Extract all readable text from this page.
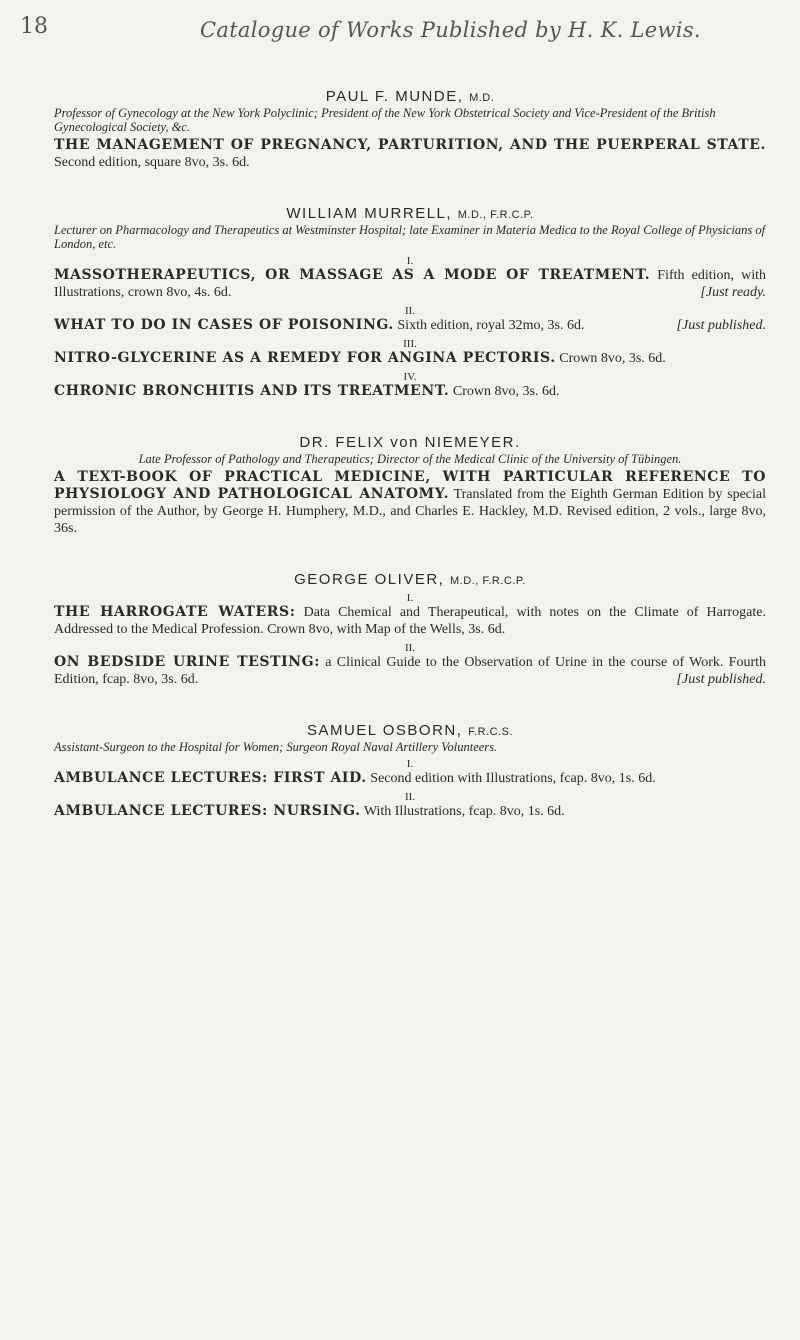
18	Catalogue of Works Published by H. K. Lewis.
PAUL F. MUNDE, M.D.
Professor of Gynecology at the New York Polyclinic; President of the New York Obstetrical Society and Vice-President of the British Gynecological Society, &c.
THE MANAGEMENT OF PREGNANCY, PARTURITION, AND THE PUERPERAL STATE. Second edition, square 8vo, 3s. 6d.
WILLIAM MURRELL, M.D., F.R.C.P.
Lecturer on Pharmacology and Therapeutics at Westminster Hospital; late Examiner in Materia Medica to the Royal College of Physicians of London, etc.
I.
MASSOTHERAPEUTICS, OR MASSAGE AS A MODE OF TREATMENT. Fifth edition, with Illustrations, crown 8vo, 4s. 6d.	[Just ready.
II.
WHAT TO DO IN CASES OF POISONING. Sixth edition, royal 32mo, 3s. 6d.	[Just published.
III.
NITRO-GLYCERINE AS A REMEDY FOR ANGINA PECTORIS. Crown 8vo, 3s. 6d.
IV.
CHRONIC BRONCHITIS AND ITS TREATMENT. Crown 8vo, 3s. 6d.
DR. FELIX von NIEMEYER.
Late Professor of Pathology and Therapeutics; Director of the Medical Clinic of the University of Tübingen.
A TEXT-BOOK OF PRACTICAL MEDICINE, WITH PARTICULAR REFERENCE TO PHYSIOLOGY AND PATHOLOGICAL ANATOMY. Translated from the Eighth German Edition by special permission of the Author, by George H. Humphery, M.D., and Charles E. Hackley, M.D. Revised edition, 2 vols., large 8vo, 36s.
GEORGE OLIVER, M.D., F.R.C.P.
I.
THE HARROGATE WATERS: Data Chemical and Therapeutical, with notes on the Climate of Harrogate. Addressed to the Medical Profession. Crown 8vo, with Map of the Wells, 3s. 6d.
II.
ON BEDSIDE URINE TESTING: a Clinical Guide to the Observation of Urine in the course of Work. Fourth Edition, fcap. 8vo, 3s. 6d.	[Just published.
SAMUEL OSBORN, F.R.C.S.
Assistant-Surgeon to the Hospital for Women; Surgeon Royal Naval Artillery Volunteers.
I.
AMBULANCE LECTURES: FIRST AID. Second edition with Illustrations, fcap. 8vo, 1s. 6d.
II.
AMBULANCE LECTURES: NURSING. With Illustrations, fcap. 8vo, 1s. 6d.
